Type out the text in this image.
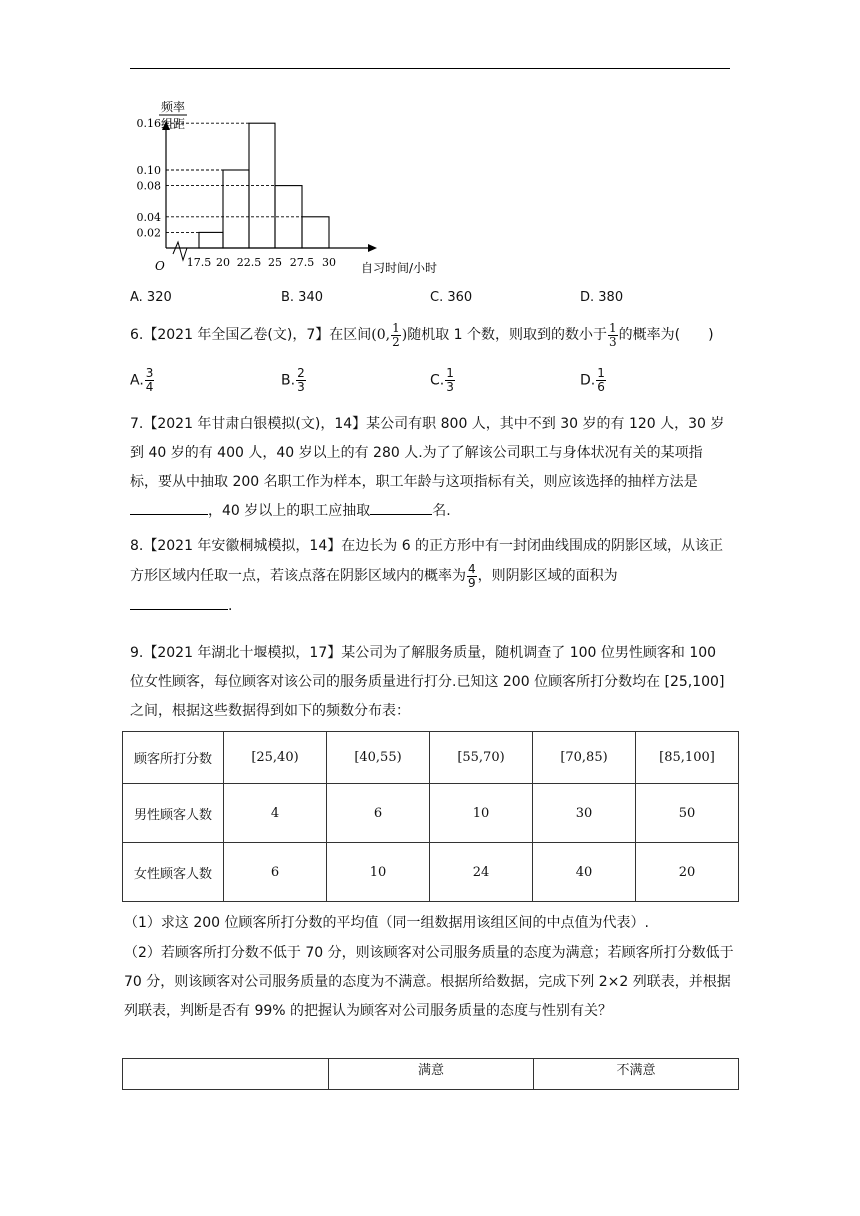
频率
组距
0.16
0.10
0.08
0.04
0.02
17.5 20 22.5 25 27.5 30
O	自习时间/小时
A. 320	B. 340	C. 360	D. 380
6.【2021 年全国乙卷(文)，7】在区间(0, $\frac{1}{2}$ )随机取 1 个数，则取到的数小于 $\frac{1}{3}$ 的概率为(　　)
A. $\frac{3}{4}$	B. $\frac{2}{3}$	C. $\frac{1}{3}$	D. $\frac{1}{6}$
7.【2021 年甘肃白银模拟(文)，14】某公司有职 800 人，其中不到 30 岁的有 120 人，30 岁到 40 岁的有 400 人，40 岁以上的有 280 人.为了了解该公司职工与身体状况有关的某项指标，要从中抽取 200 名职工作为样本，职工年龄与这项指标有关，则应该选择的抽样方法是，40 岁以上的职工应抽取	名.
8.【2021 年安徽桐城模拟，14】在边长为 6 的正方形中有一封闭曲线围成的阴影区域，从该正方形区域内任取一点，若该点落在阴影区域内的概率为 $\frac{4}{9}$ ，则阴影区域的面积为
.
9.【2021 年湖北十堰模拟，17】某公司为了解服务质量，随机调查了 100 位男性顾客和 100 位女性顾客，每位顾客对该公司的服务质量进行打分.已知这 200 位顾客所打分数均在 [25,100] 之间，根据这些数据得到如下的频数分布表：
顾客所打分数	[25,40)	[40,55)	[55,70)	[70,85)	[85,100]
男性顾客人数	4	6	10	30	50
女性顾客人数	6	10	24	40	20
（1）求这 200 位顾客所打分数的平均值（同一组数据用该组区间的中点值为代表）.
（2）若顾客所打分数不低于 70 分，则该顾客对公司服务质量的态度为满意；若顾客所打分数低于 70 分，则该顾客对公司服务质量的态度为不满意。根据所给数据，完成下列 2×2 列联表，并根据列联表，判断是否有 99% 的把握认为顾客对公司服务质量的态度与性别有关？
	满意	不满意
